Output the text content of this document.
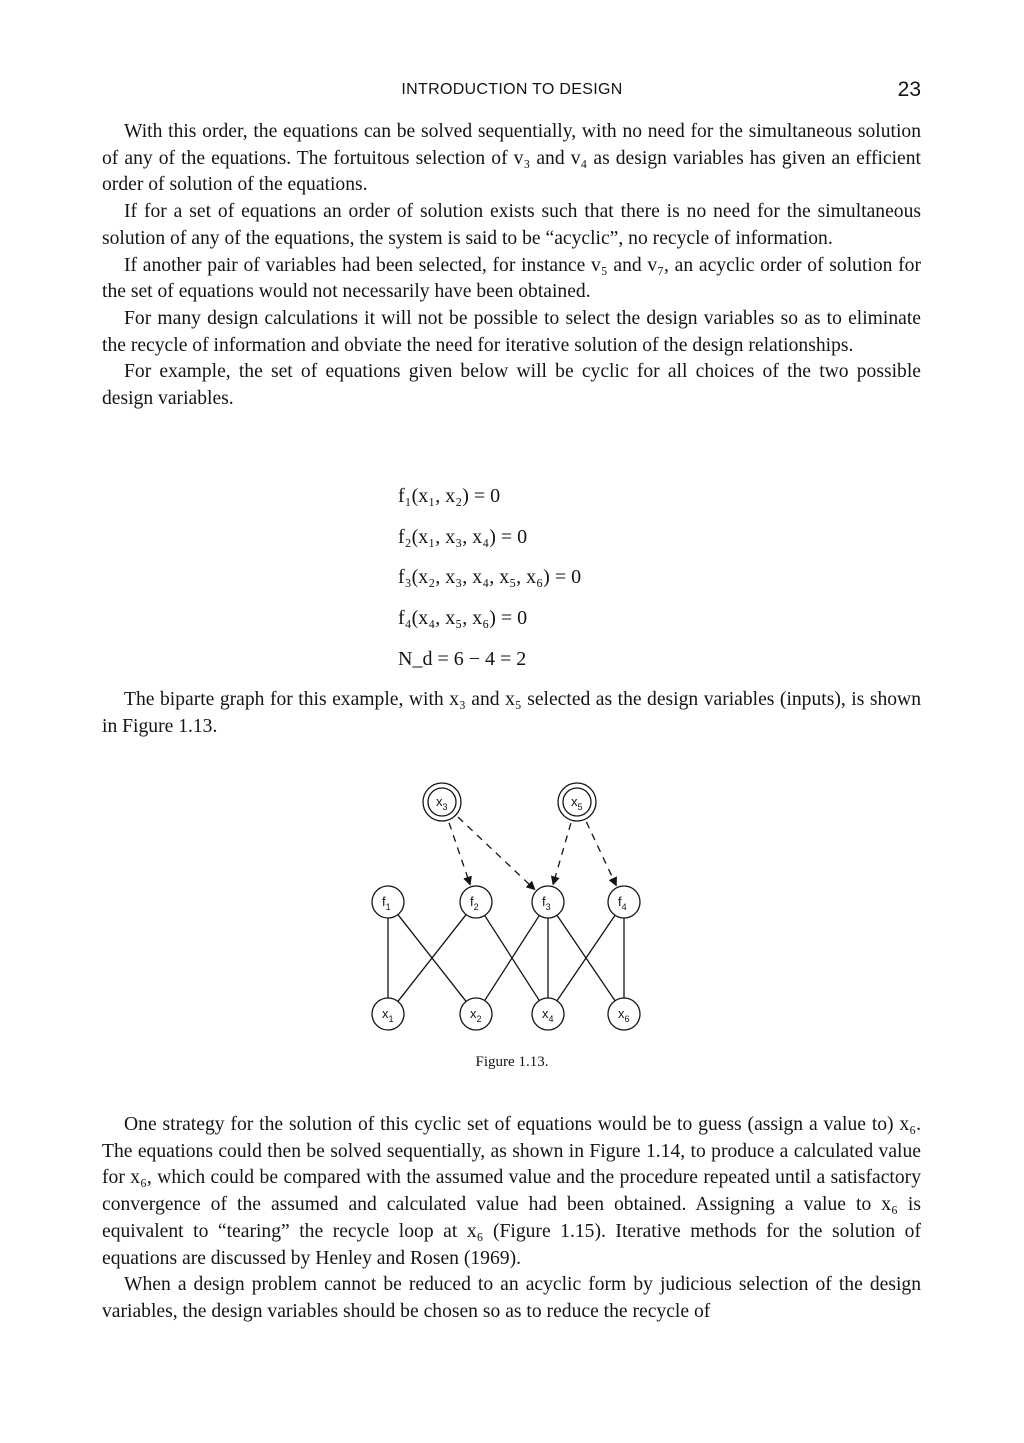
INTRODUCTION TO DESIGN	23

With this order, the equations can be solved sequentially, with no need for the simultaneous solution of any of the equations. The fortuitous selection of v₃ and v₄ as design variables has given an efficient order of solution of the equations.

If for a set of equations an order of solution exists such that there is no need for the simultaneous solution of any of the equations, the system is said to be “acyclic”, no recycle of information.

If another pair of variables had been selected, for instance v₅ and v₇, an acyclic order of solution for the set of equations would not necessarily have been obtained.

For many design calculations it will not be possible to select the design variables so as to eliminate the recycle of information and obviate the need for iterative solution of the design relationships.

For example, the set of equations given below will be cyclic for all choices of the two possible design variables.

f₁(x₁, x₂) = 0
f₂(x₁, x₃, x₄) = 0
f₃(x₂, x₃, x₄, x₅, x₆) = 0
f₄(x₄, x₅, x₆) = 0
N_d = 6 − 4 = 2

The biparte graph for this example, with x₃ and x₅ selected as the design variables (inputs), is shown in Figure 1.13.

$x_3$	$x_5$
$f_1$	$f_2$	$f_3$	$f_4$
$x_1$	$x_2$	$x_4$	$x_6$
Figure 1.13.

One strategy for the solution of this cyclic set of equations would be to guess (assign a value to) x₆. The equations could then be solved sequentially, as shown in Figure 1.14, to produce a calculated value for x₆, which could be compared with the assumed value and the procedure repeated until a satisfactory convergence of the assumed and calculated value had been obtained. Assigning a value to x₆ is equivalent to “tearing” the recycle loop at x₆ (Figure 1.15). Iterative methods for the solution of equations are discussed by Henley and Rosen (1969).

When a design problem cannot be reduced to an acyclic form by judicious selection of the design variables, the design variables should be chosen so as to reduce the recycle of
